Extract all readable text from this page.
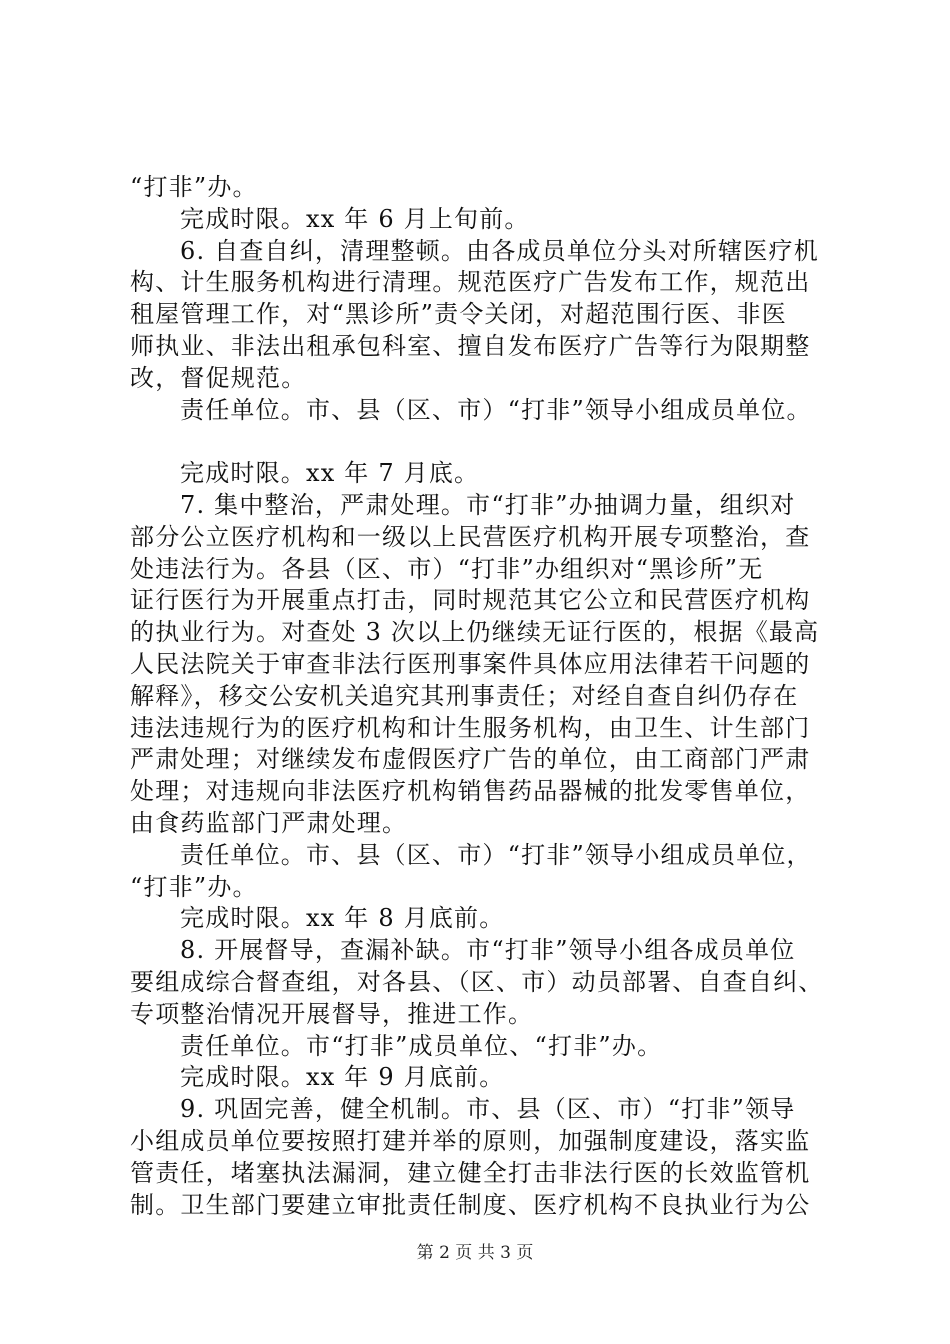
“打非”办。
完成时限。xx 年 6 月上旬前。
6. 自查自纠，清理整顿。由各成员单位分头对所辖医疗机
构、计生服务机构进行清理。规范医疗广告发布工作，规范出
租屋管理工作，对“黑诊所”责令关闭，对超范围行医、非医
师执业、非法出租承包科室、擅自发布医疗广告等行为限期整
改，督促规范。
责任单位。市、县（区、市）“打非”领导小组成员单位。
完成时限。xx 年 7 月底。
7. 集中整治，严肃处理。市“打非”办抽调力量，组织对
部分公立医疗机构和一级以上民营医疗机构开展专项整治，查
处违法行为。各县（区、市）“打非”办组织对“黑诊所”无
证行医行为开展重点打击，同时规范其它公立和民营医疗机构
的执业行为。对查处 3 次以上仍继续无证行医的，根据《最高
人民法院关于审查非法行医刑事案件具体应用法律若干问题的
解释》，移交公安机关追究其刑事责任；对经自查自纠仍存在
违法违规行为的医疗机构和计生服务机构，由卫生、计生部门
严肃处理；对继续发布虚假医疗广告的单位，由工商部门严肃
处理；对违规向非法医疗机构销售药品器械的批发零售单位，
由食药监部门严肃处理。
责任单位。市、县（区、市）“打非”领导小组成员单位，
“打非”办。
完成时限。xx 年 8 月底前。
8. 开展督导，查漏补缺。市“打非”领导小组各成员单位
要组成综合督查组，对各县、（区、市）动员部署、自查自纠、
专项整治情况开展督导，推进工作。
责任单位。市“打非”成员单位、“打非”办。
完成时限。xx 年 9 月底前。
9. 巩固完善，健全机制。市、县（区、市）“打非”领导
小组成员单位要按照打建并举的原则，加强制度建设，落实监
管责任，堵塞执法漏洞，建立健全打击非法行医的长效监管机
制。卫生部门要建立审批责任制度、医疗机构不良执业行为公
第 2 页 共 3 页
